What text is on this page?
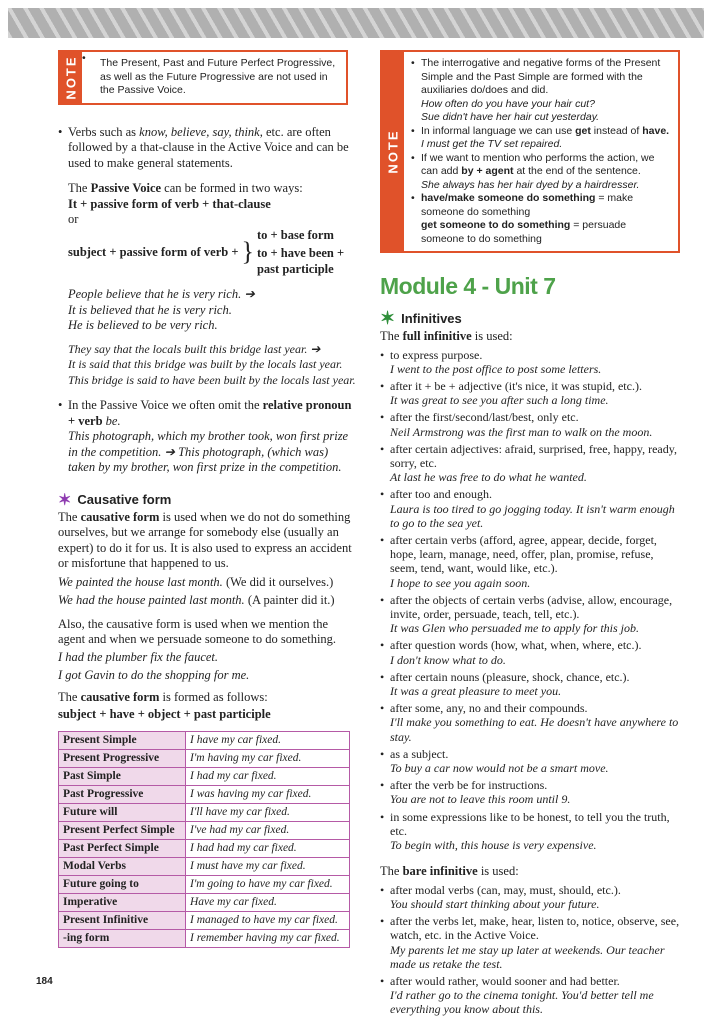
NOTE	• The Present, Past and Future Perfect Progressive, as well as the Future Progressive are not used in the Passive Voice.
• Verbs such as know, believe, say, think, etc. are often followed by a that-clause in the Active Voice and can be used to make general statements.
The Passive Voice can be formed in two ways:
It + passive form of verb + that-clause
or
subject + passive form of verb + }
to + base form
to + have been + past participle
People believe that he is very rich. ➔
It is believed that he is very rich.
He is believed to be very rich.
They say that the locals built this bridge last year. ➔
It is said that this bridge was built by the locals last year.
This bridge is said to have been built by the locals last year.
• In the Passive Voice we often omit the relative pronoun + verb be.
This photograph, which my brother took, won first prize in the competition. ➔ This photograph, (which was) taken by my brother, won first prize in the competition.
✶ Causative form
The causative form is used when we do not do something ourselves, but we arrange for somebody else (usually an expert) to do it for us. It is also used to express an accident or misfortune that happened to us.
We painted the house last month. (We did it ourselves.)
We had the house painted last month. (A painter did it.)
Also, the causative form is used when we mention the agent and when we persuade someone to do something.
I had the plumber fix the faucet.
I got Gavin to do the shopping for me.
The causative form is formed as follows:
subject + have + object + past participle
Present Simple	I have my car fixed.
Present Progressive	I'm having my car fixed.
Past Simple	I had my car fixed.
Past Progressive	I was having my car fixed.
Future will	I'll have my car fixed.
Present Perfect Simple	I've had my car fixed.
Past Perfect Simple	I had had my car fixed.
Modal Verbs	I must have my car fixed.
Future going to	I'm going to have my car fixed.
Imperative	Have my car fixed.
Present Infinitive	I managed to have my car fixed.
-ing form	I remember having my car fixed.
NOTE
• The interrogative and negative forms of the Present Simple and the Past Simple are formed with the auxiliaries do/does and did.
How often do you have your hair cut?
Sue didn't have her hair cut yesterday.
• In informal language we can use get instead of have.
I must get the TV set repaired.
• If we want to mention who performs the action, we can add by + agent at the end of the sentence.
She always has her hair dyed by a hairdresser.
• have/make someone do something = make someone do something
get someone to do something = persuade someone to do something
Module 4 - Unit 7
✶ Infinitives
The full infinitive is used:
• to express purpose.
I went to the post office to post some letters.
• after it + be + adjective (it's nice, it was stupid, etc.).
It was great to see you after such a long time.
• after the first/second/last/best, only etc.
Neil Armstrong was the first man to walk on the moon.
• after certain adjectives: afraid, surprised, free, happy, ready, sorry, etc.
At last he was free to do what he wanted.
• after too and enough.
Laura is too tired to go jogging today. It isn't warm enough to go to the sea yet.
• after certain verbs (afford, agree, appear, decide, forget, hope, learn, manage, need, offer, plan, promise, refuse, seem, tend, want, would like, etc.).
I hope to see you again soon.
• after the objects of certain verbs (advise, allow, encourage, invite, order, persuade, teach, tell, etc.).
It was Glen who persuaded me to apply for this job.
• after question words (how, what, when, where, etc.).
I don't know what to do.
• after certain nouns (pleasure, shock, chance, etc.).
It was a great pleasure to meet you.
• after some, any, no and their compounds.
I'll make you something to eat. He doesn't have anywhere to stay.
• as a subject.
To buy a car now would not be a smart move.
• after the verb be for instructions.
You are not to leave this room until 9.
• in some expressions like to be honest, to tell you the truth, etc.
To begin with, this house is very expensive.
The bare infinitive is used:
• after modal verbs (can, may, must, should, etc.).
You should start thinking about your future.
• after the verbs let, make, hear, listen to, notice, observe, see, watch, etc. in the Active Voice.
My parents let me stay up later at weekends. Our teacher made us retake the test.
• after would rather, would sooner and had better.
I'd rather go to the cinema tonight. You'd better tell me everything you know about this.
184
